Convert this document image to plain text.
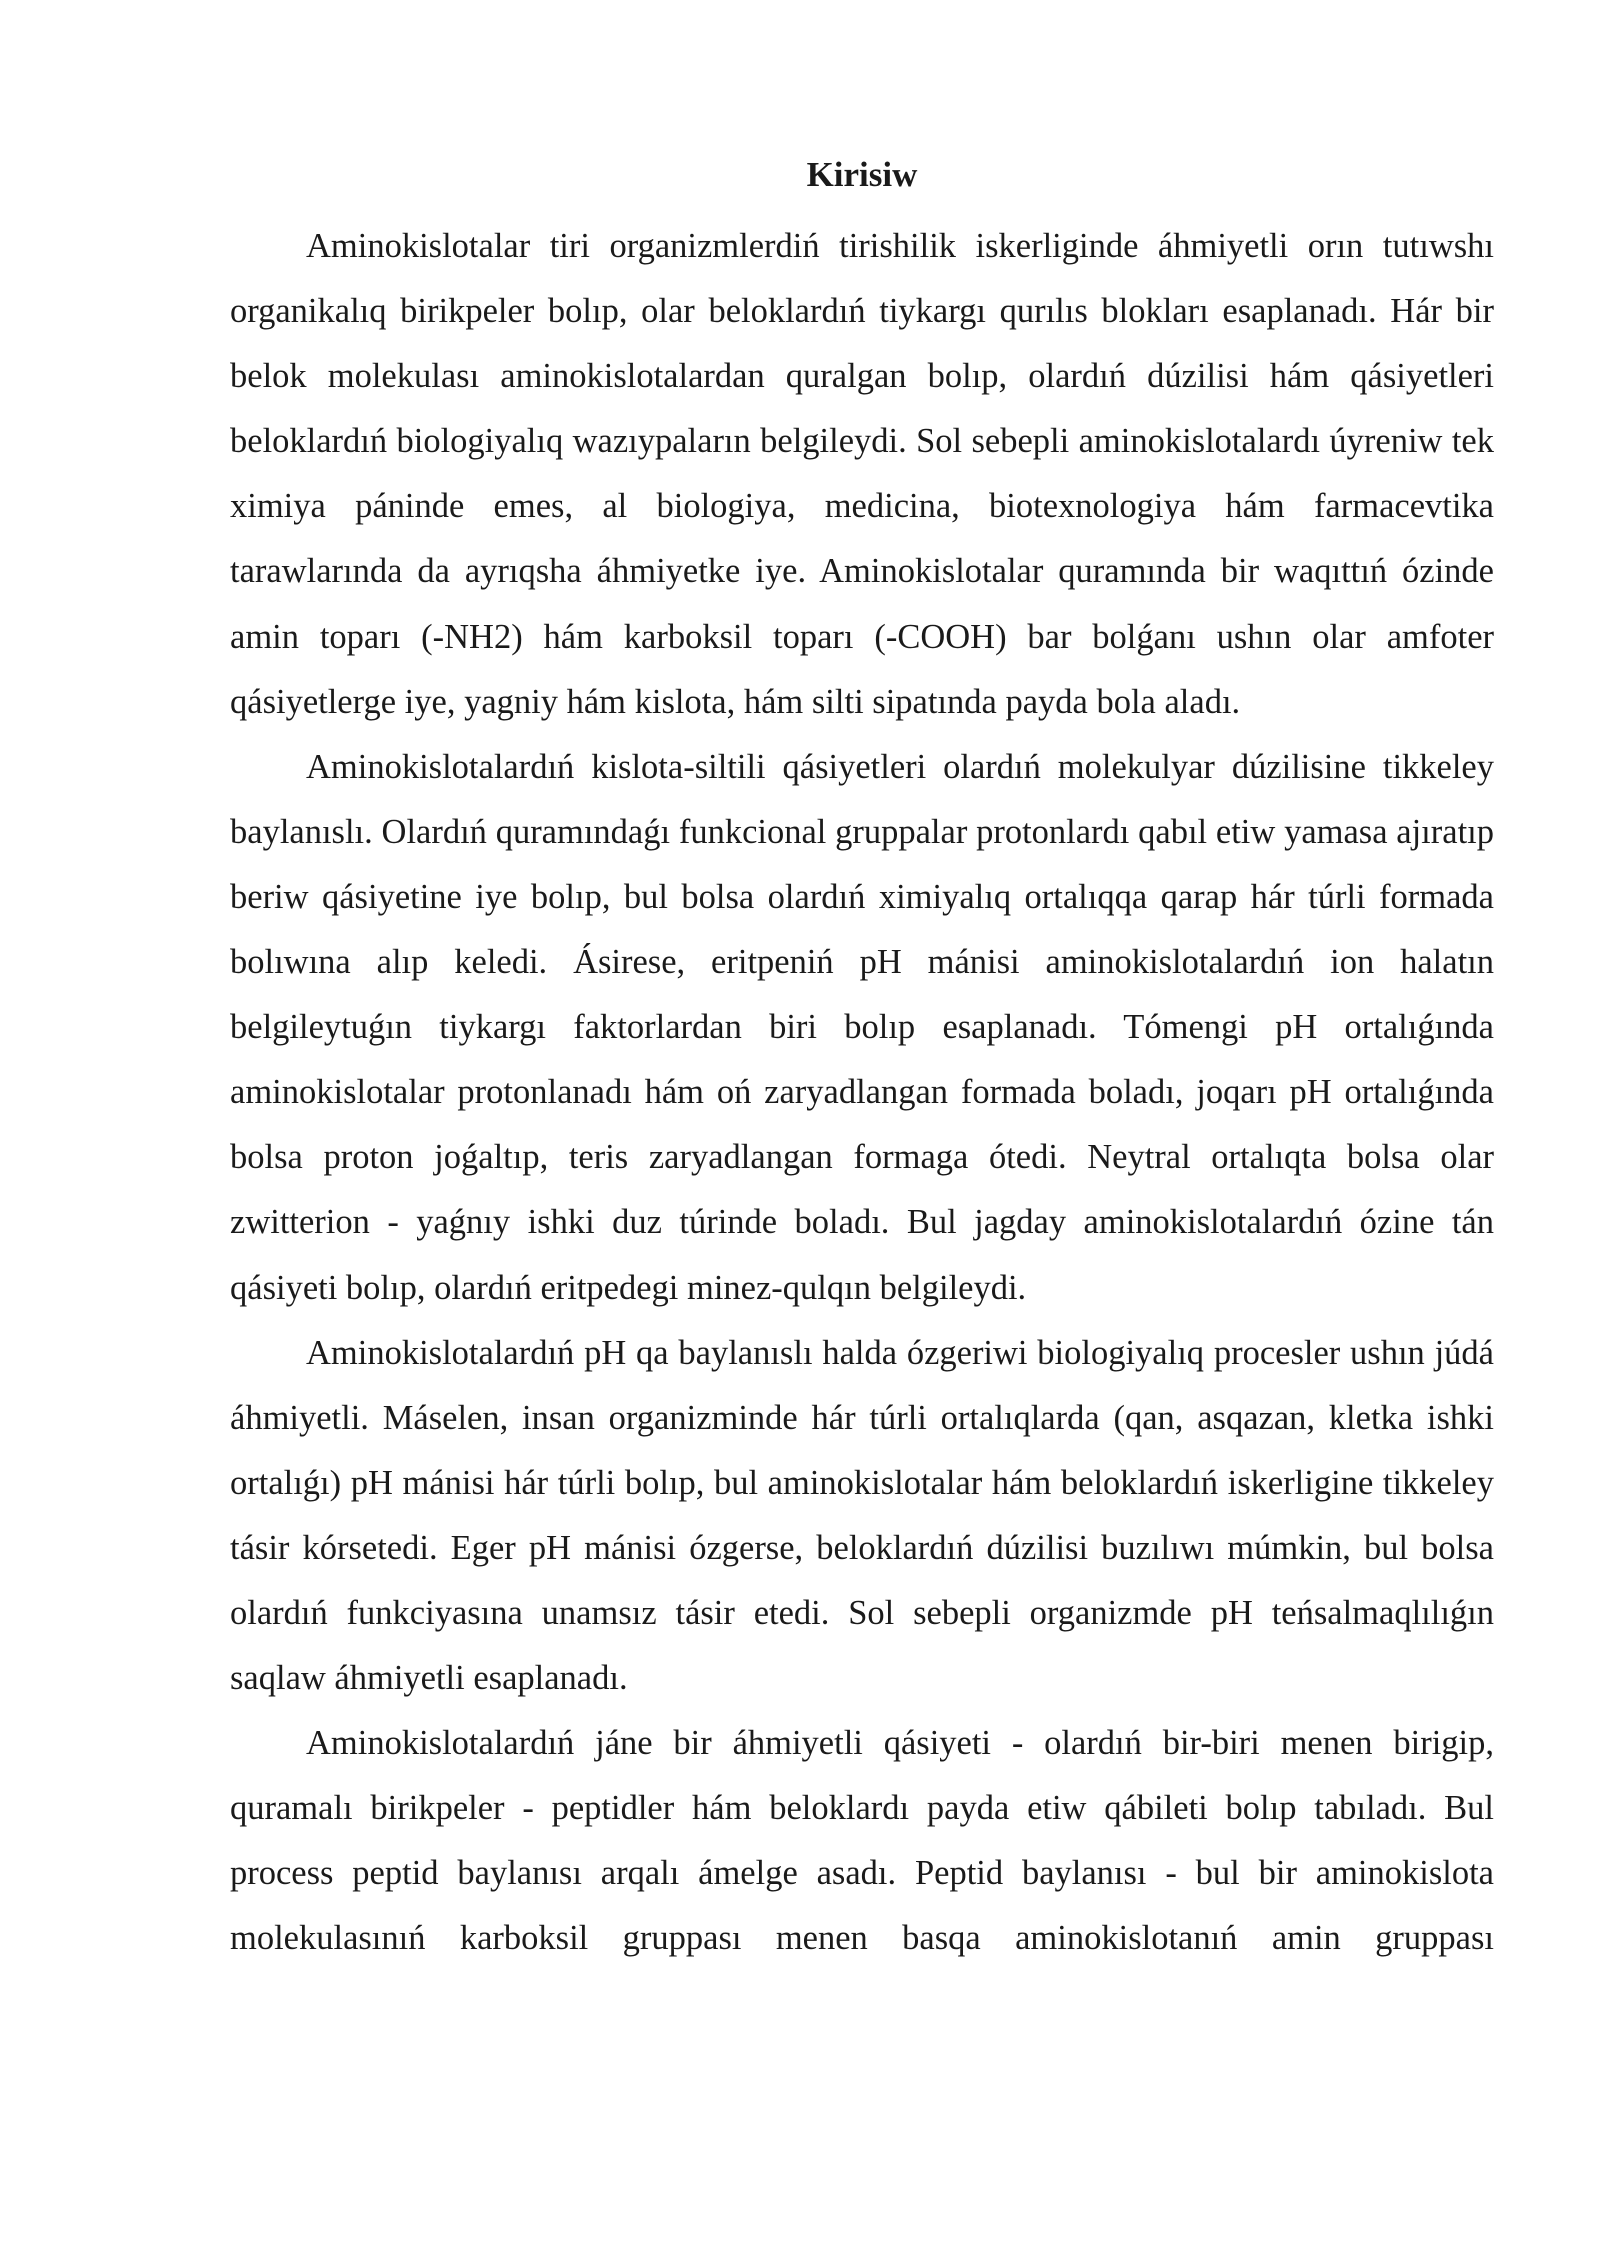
Kirisiw

Aminokislotalar tiri organizmlerdiń tirishilik iskerliginde áhmiyetli orın tutıwshı organikalıq birikpeler bolıp, olar beloklardıń tiykargı qurılıs blokları esaplanadı. Hár bir belok molekulası aminokislotalardan quralgan bolıp, olardıń dúzilisi hám qásiyetleri beloklardıń biologiyalıq wazıypaların belgileydi. Sol sebepli aminokislotalardı úyreniw tek ximiya páninde emes, al biologiya, medicina, biotexnologiya hám farmacevtika tarawlarında da ayrıqsha áhmiyetke iye. Aminokislotalar quramında bir waqıttıń ózinde amin toparı (-NH2) hám karboksil toparı (-COOH) bar bolǵanı ushın olar amfoter qásiyetlerge iye, yagniy hám kislota, hám silti sipatında payda bola aladı.

Aminokislotalardıń kislota-siltili qásiyetleri olardıń molekulyar dúzilisine tikkeley baylanıslı. Olardıń quramındaǵı funkcional gruppalar protonlardı qabıl etiw yamasa ajıratıp beriw qásiyetine iye bolıp, bul bolsa olardıń ximiyalıq ortalıqqa qarap hár túrli formada bolıwına alıp keledi. Ásirese, eritpeniń pH mánisi aminokislotalardıń ion halatın belgileytuǵın tiykargı faktorlardan biri bolıp esaplanadı. Tómengi pH ortalıǵında aminokislotalar protonlanadı hám oń zaryadlangan formada boladı, joqarı pH ortalıǵında bolsa proton joǵaltıp, teris zaryadlangan formaga ótedi. Neytral ortalıqta bolsa olar zwitterion - yaǵnıy ishki duz túrinde boladı. Bul jagday aminokislotalardıń ózine tán qásiyeti bolıp, olardıń eritpedegi minez-qulqın belgileydi.

Aminokislotalardıń pH qa baylanıslı halda ózgeriwi biologiyalıq procesler ushın júdá áhmiyetli. Máselen, insan organizminde hár túrli ortalıqlarda (qan, asqazan, kletka ishki ortalıǵı) pH mánisi hár túrli bolıp, bul aminokislotalar hám beloklardıń iskerligine tikkeley tásir kórsetedi. Eger pH mánisi ózgerse, beloklardıń dúzilisi buzılıwı múmkin, bul bolsa olardıń funkciyasına unamsız tásir etedi. Sol sebepli organizmde pH teńsalmaqlılıǵın saqlaw áhmiyetli esaplanadı.

Aminokislotalardıń jáne bir áhmiyetli qásiyeti - olardıń bir-biri menen birigip, quramalı birikpeler - peptidler hám beloklardı payda etiw qábileti bolıp tabıladı. Bul process peptid baylanısı arqalı ámelge asadı. Peptid baylanısı - bul bir aminokislota molekulasınıń karboksil gruppası menen basqa aminokislotanıń amin gruppası
